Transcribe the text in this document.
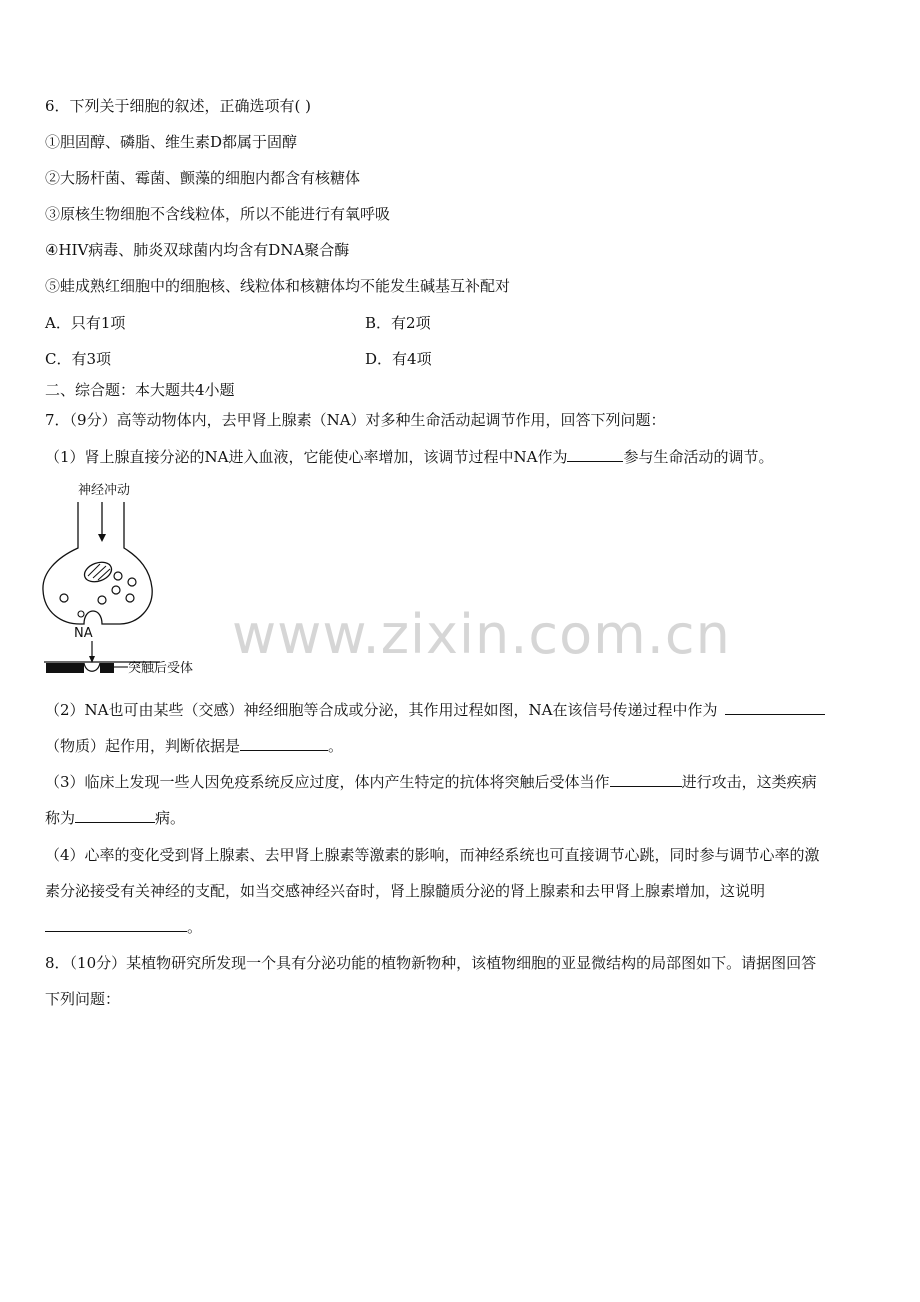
6．下列关于细胞的叙述，正确选项有( )
①胆固醇、磷脂、维生素D都属于固醇
②大肠杆菌、霉菌、颤藻的细胞内都含有核糖体
③原核生物细胞不含线粒体，所以不能进行有氧呼吸
④HIV病毒、肺炎双球菌内均含有DNA聚合酶
⑤蛙成熟红细胞中的细胞核、线粒体和核糖体均不能发生碱基互补配对
A．只有1项	B．有2项
C．有3项	D．有4项
二、综合题：本大题共4小题
7．（9分）高等动物体内，去甲肾上腺素（NA）对多种生命活动起调节作用，回答下列问题：
（1）肾上腺直接分泌的NA进入血液，它能使心率增加，该调节过程中NA作为	参与生命活动的调节。
神经冲动
NA
突触后受体
www.zixin.com.cn
（2）NA也可由某些（交感）神经细胞等合成或分泌，其作用过程如图，NA在该信号传递过程中作为
（物质）起作用，判断依据是	。
（3）临床上发现一些人因免疫系统反应过度，体内产生特定的抗体将突触后受体当作	进行攻击，这类疾病
称为	病。
（4）心率的变化受到肾上腺素、去甲肾上腺素等激素的影响，而神经系统也可直接调节心跳，同时参与调节心率的激
素分泌接受有关神经的支配，如当交感神经兴奋时，肾上腺髓质分泌的肾上腺素和去甲肾上腺素增加，这说明
。
8．（10分）某植物研究所发现一个具有分泌功能的植物新物种，该植物细胞的亚显微结构的局部图如下。请据图回答
下列问题：
